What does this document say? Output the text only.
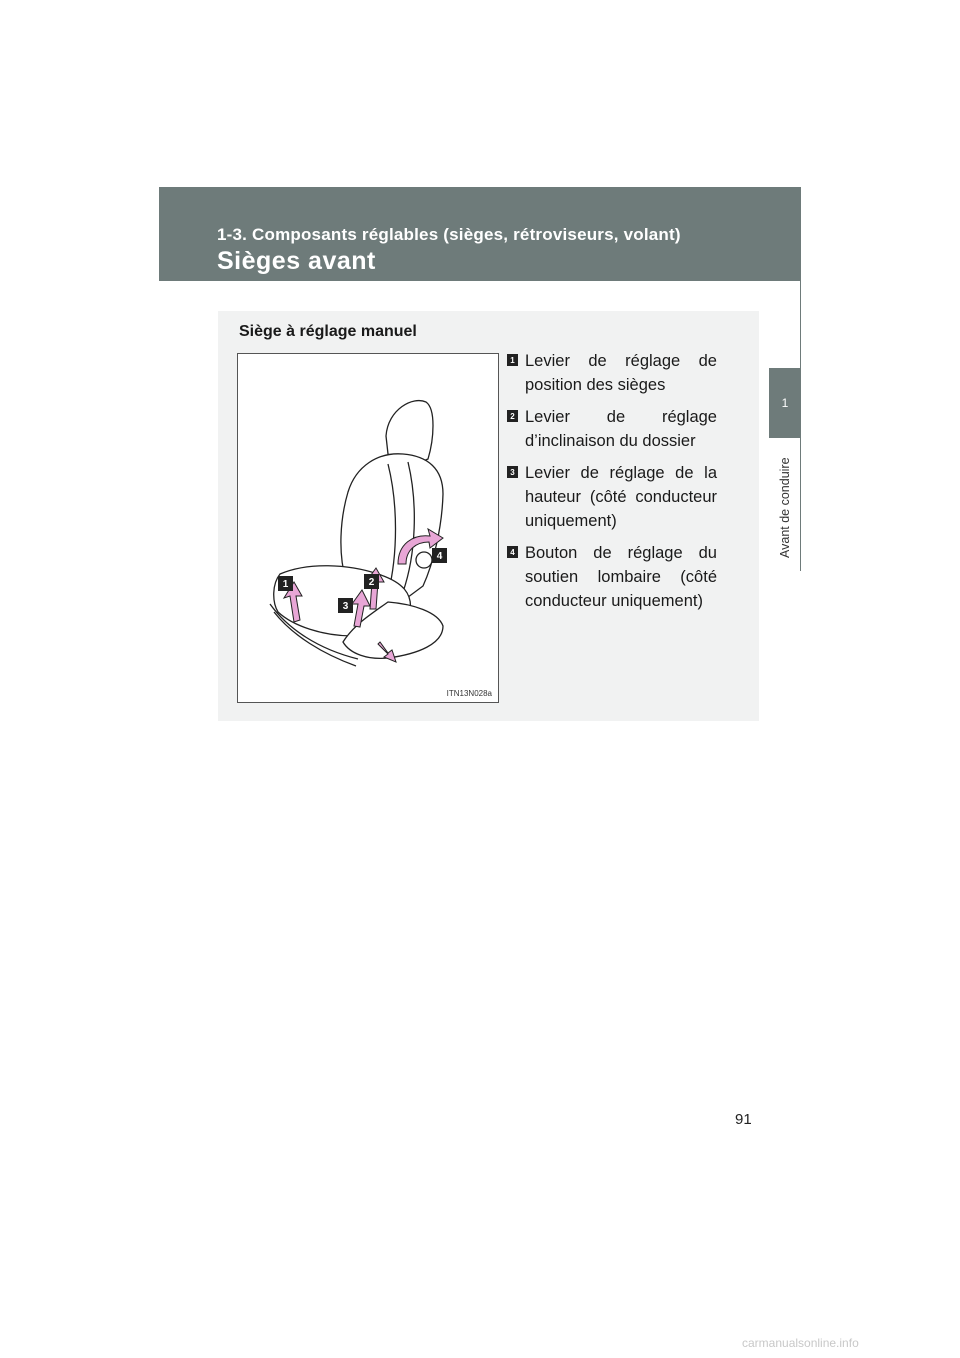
1-3. Composants réglables (sièges, rétroviseurs, volant)
Sièges avant
1
Avant de conduire
Siège à réglage manuel
1	2
3
4
ITN13N028a
1 Levier de réglage de position des sièges
2 Levier de réglage d’inclinaison du dossier
3 Levier de réglage de la hauteur (côté conducteur uniquement)
4 Bouton de réglage du soutien lombaire (côté conducteur uniquement)
91
carmanualsonline.info
